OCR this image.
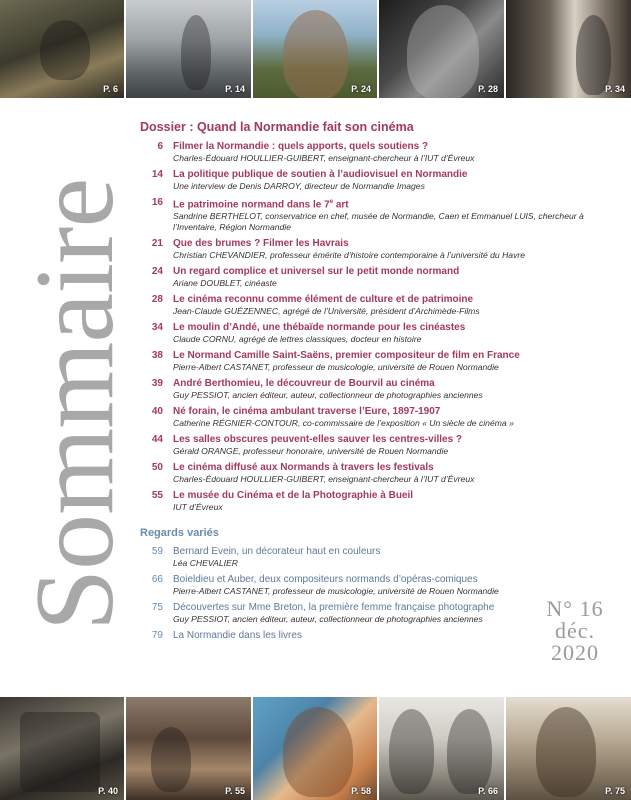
P. 6	P. 14	P. 24	P. 28	P. 34
Sommaire
Dossier : Quand la Normandie fait son cinéma
6	Filmer la Normandie : quels apports, quels soutiens ?
Charles-Édouard HOULLIER-GUIBERT, enseignant-chercheur à l’IUT d’Évreux
14	La politique publique de soutien à l’audiovisuel en Normandie
Une interview de Denis DARROY, directeur de Normandie Images
16	Le patrimoine normand dans le 7e art
Sandrine BERTHELOT, conservatrice en chef, musée de Normandie, Caen et Emmanuel LUIS, chercheur à l’Inventaire, Région Normandie
21	Que des brumes ? Filmer les Havrais
Christian CHEVANDIER, professeur émérite d’histoire contemporaine à l’université du Havre
24	Un regard complice et universel sur le petit monde normand
Ariane DOUBLET, cinéaste
28	Le cinéma reconnu comme élément de culture et de patrimoine
Jean-Claude GUÉZENNEC, agrégé de l’Université, président d’Archimède-Films
34	Le moulin d’Andé, une thébaïde normande pour les cinéastes
Claude CORNU, agrégé de lettres classiques, docteur en histoire
38	Le Normand Camille Saint-Saëns, premier compositeur de film en France
Pierre-Albert CASTANET, professeur de musicologie, université de Rouen Normandie
39	André Berthomieu, le découvreur de Bourvil au cinéma
Guy PESSIOT, ancien éditeur, auteur, collectionneur de photographies anciennes
40	Né forain, le cinéma ambulant traverse l’Eure, 1897-1907
Catherine RÉGNIER-CONTOUR, co-commissaire de l’exposition « Un siècle de cinéma »
44	Les salles obscures peuvent-elles sauver les centres-villes ?
Gérald ORANGE, professeur honoraire, université de Rouen Normandie
50	Le cinéma diffusé aux Normands à travers les festivals
Charles-Édouard HOULLIER-GUIBERT, enseignant-chercheur à l’IUT d’Évreux
55	Le musée du Cinéma et de la Photographie à Bueil
IUT d’Évreux
Regards variés
59	Bernard Evein, un décorateur haut en couleurs
Léa CHEVALIER
66	Boieldieu et Auber, deux compositeurs normands d’opéras-comiques
Pierre-Albert CASTANET, professeur de musicologie, université de Rouen Normandie
75	Découvertes sur Mme Breton, la première femme française photographe
Guy PESSIOT, ancien éditeur, auteur, collectionneur de photographies anciennes
79	La Normandie dans les livres
N° 16
déc.
2020
P. 40	P. 55	P. 58	P. 66	P. 75
